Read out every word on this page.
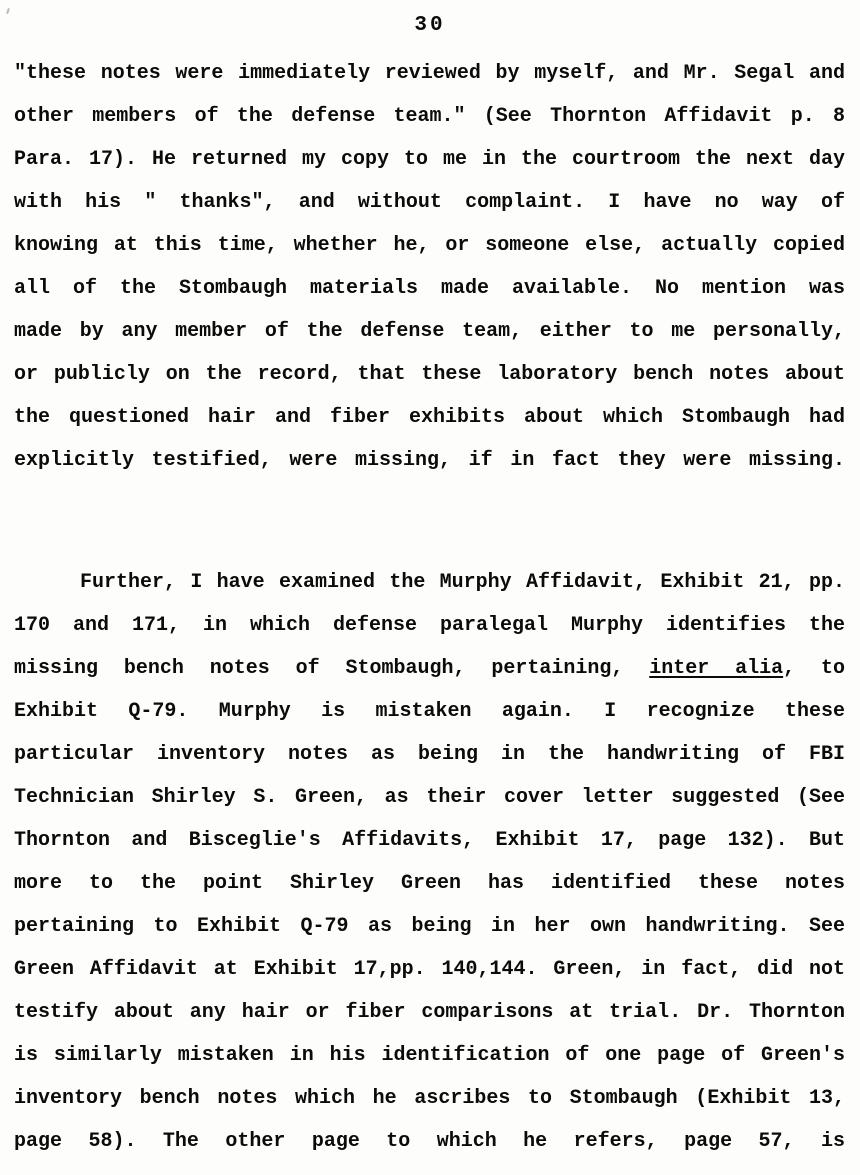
30
"these notes were immediately reviewed by myself, and Mr. Segal and
other members of the defense team." (See Thornton Affidavit p. 8
Para. 17). He returned my copy to me in the courtroom the next day
with his " thanks", and without complaint. I have no way of
knowing at this time, whether he, or someone else, actually copied
all of the Stombaugh materials made available. No mention was
made by any member of the defense team, either to me personally,
or publicly on the record, that these laboratory bench notes about
the questioned hair and fiber exhibits about which Stombaugh had
explicitly testified, were missing, if in fact they were missing.
Further, I have examined the Murphy Affidavit, Exhibit 21, pp.
170 and 171, in which defense paralegal Murphy identifies the
missing bench notes of Stombaugh, pertaining, inter alia, to
Exhibit Q-79. Murphy is mistaken again. I recognize these
particular inventory notes as being in the handwriting of FBI
Technician Shirley S. Green, as their cover letter suggested (See
Thornton and Bisceglie's Affidavits, Exhibit 17, page 132). But
more to the point Shirley Green has identified these notes
pertaining to Exhibit Q-79 as being in her own handwriting. See
Green Affidavit at Exhibit 17,pp. 140,144. Green, in fact, did not
testify about any hair or fiber comparisons at trial. Dr. Thornton
is similarly mistaken in his identification of one page of Green's
inventory bench notes which he ascribes to Stombaugh (Exhibit 13,
page 58). The other page to which he refers, page 57, is
